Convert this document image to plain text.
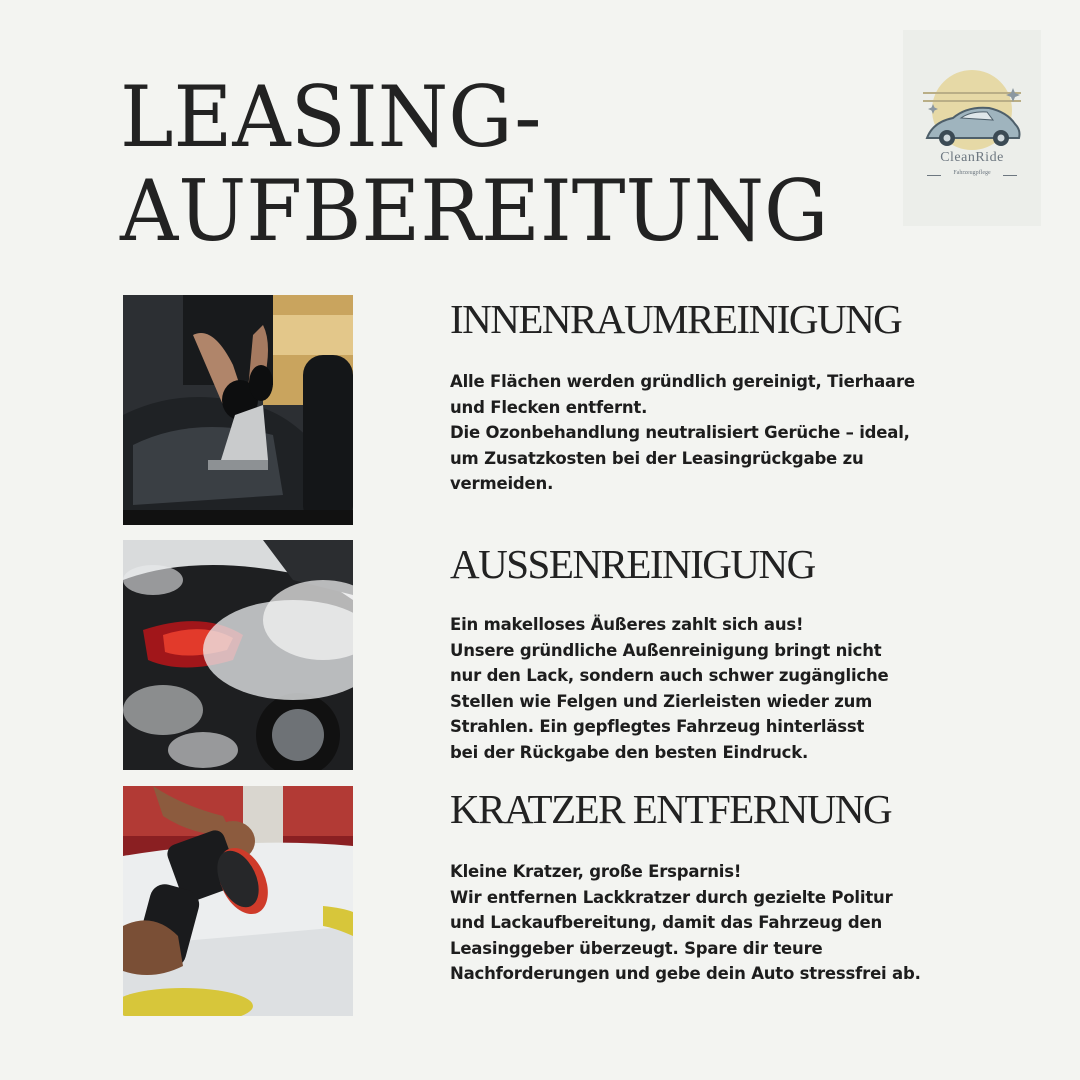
LEASING-
AUFBEREITUNG
CleanRide
Fahrzeugpflege
INNENRAUMREINIGUNG

Alle Flächen werden gründlich gereinigt, Tierhaare
und Flecken entfernt.
Die Ozonbehandlung neutralisiert Gerüche – ideal,
um Zusatzkosten bei der Leasingrückgabe zu
vermeiden.

AUSSENREINIGUNG

Ein makelloses Äußeres zahlt sich aus!
Unsere gründliche Außenreinigung bringt nicht
nur den Lack, sondern auch schwer zugängliche
Stellen wie Felgen und Zierleisten wieder zum
Strahlen. Ein gepflegtes Fahrzeug hinterlässt
bei der Rückgabe den besten Eindruck.

KRATZER ENTFERNUNG

Kleine Kratzer, große Ersparnis!
Wir entfernen Lackkratzer durch gezielte Politur
und Lackaufbereitung, damit das Fahrzeug den
Leasinggeber überzeugt. Spare dir teure
Nachforderungen und gebe dein Auto stressfrei ab.
